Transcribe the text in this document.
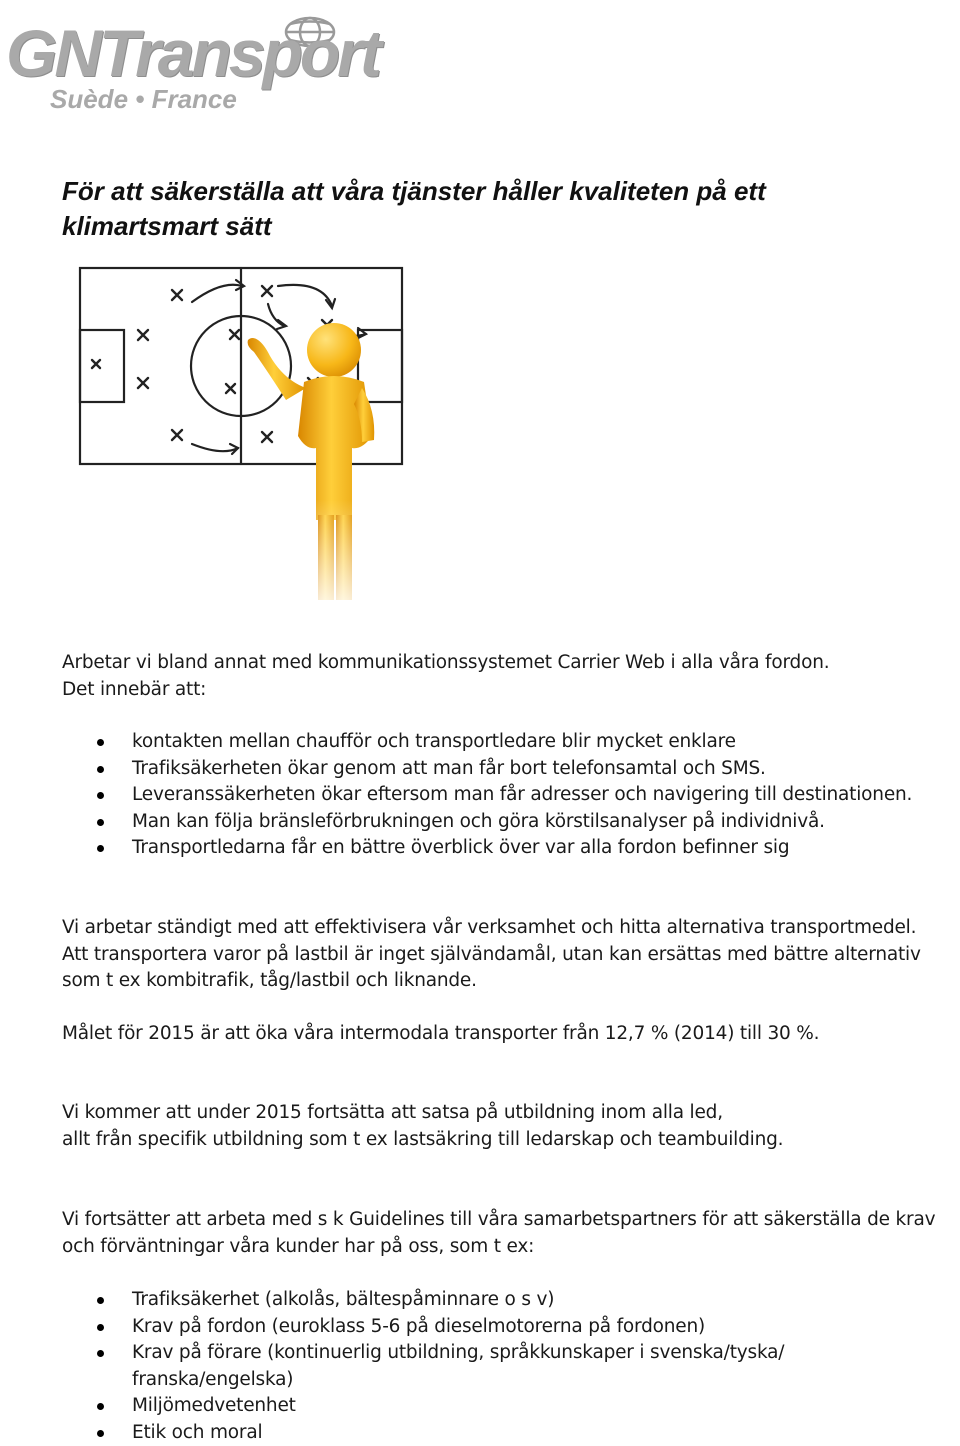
GNTransport
Suède • France
För att säkerställa att våra tjänster håller kvaliteten på ett klimartsmart sätt

Arbetar vi bland annat med kommunikationssystemet Carrier Web i alla våra fordon.
Det innebär att:

kontakten mellan chaufför och transportledare blir mycket enklare
Trafiksäkerheten ökar genom att man får bort telefonsamtal och SMS.
Leveranssäkerheten ökar eftersom man får adresser och navigering till destinationen.
Man kan följa bränsleförbrukningen och göra körstilsanalyser på individnivå.
Transportledarna får en bättre överblick över var alla fordon befinner sig

Vi arbetar ständigt med att effektivisera vår verksamhet och hitta alternativa transportmedel. Att transportera varor på lastbil är inget självändamål, utan kan ersättas med bättre alternativ som t ex kombitrafik, tåg/lastbil och liknande.

Målet för 2015 är att öka våra intermodala transporter från 12,7 % (2014) till 30 %.

Vi kommer att under 2015 fortsätta att satsa på utbildning inom alla led,
allt från specifik utbildning som t ex lastsäkring till ledarskap och teambuilding.

Vi fortsätter att arbeta med s k Guidelines till våra samarbetspartners för att säkerställa de krav och förväntningar våra kunder har på oss, som t ex:

Trafiksäkerhet (alkolås, bältespåminnare o s v)
Krav på fordon (euroklass 5-6 på dieselmotorerna på fordonen)
Krav på förare (kontinuerlig utbildning, språkkunskaper i svenska/tyska/ franska/engelska)
Miljömedvetenhet
Etik och moral
